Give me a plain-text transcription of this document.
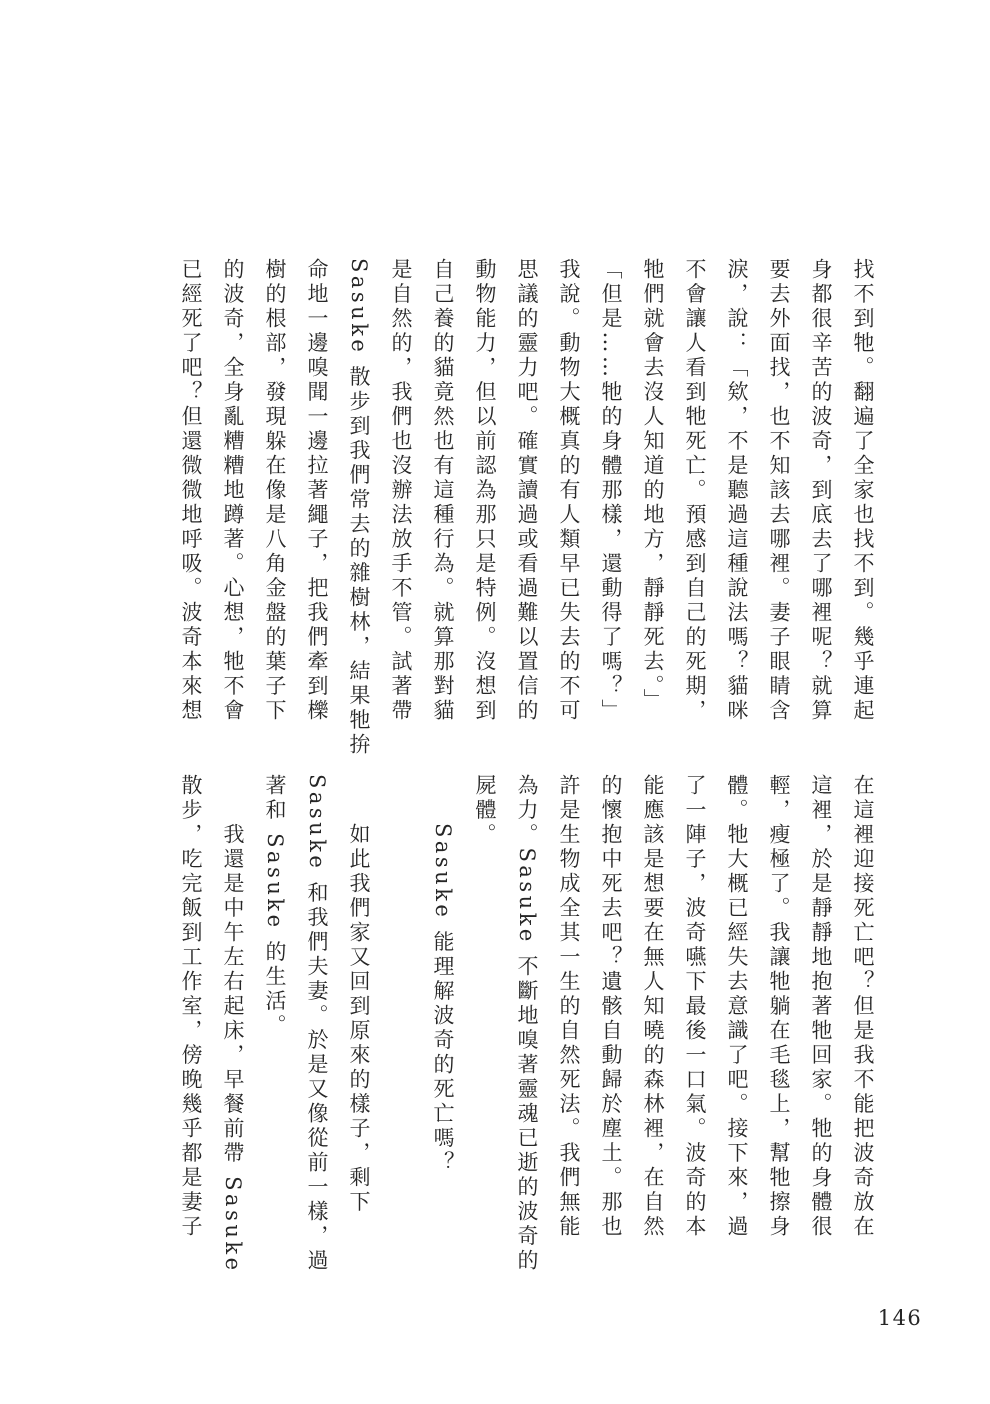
找不到牠。翻遍了全家也找不到。幾乎連起
身都很辛苦的波奇，到底去了哪裡呢？就算
要去外面找，也不知該去哪裡。妻子眼睛含
淚，說：「欸，不是聽過這種說法嗎？貓咪
不會讓人看到牠死亡。預感到自己的死期，
牠們就會去沒人知道的地方，靜靜死去。」
「但是……牠的身體那樣，還動得了嗎？」
我說。動物大概真的有人類早已失去的不可
思議的靈力吧。確實讀過或看過難以置信的
動物能力，但以前認為那只是特例。沒想到
自己養的貓竟然也有這種行為。就算那對貓
是自然的，我們也沒辦法放手不管。試著帶
Sasuke 散步到我們常去的雜樹林，結果牠拚
命地一邊嗅聞一邊拉著繩子，把我們牽到櫟
樹的根部，發現躲在像是八角金盤的葉子下
的波奇，全身亂糟糟地蹲著。心想，牠不會
已經死了吧？但還微微地呼吸。波奇本來想
在這裡迎接死亡吧？但是我不能把波奇放在
這裡，於是靜靜地抱著牠回家。牠的身體很
輕，瘦極了。我讓牠躺在毛毯上，幫牠擦身
體。牠大概已經失去意識了吧。接下來，過
了一陣子，波奇嚥下最後一口氣。波奇的本
能應該是想要在無人知曉的森林裡，在自然
的懷抱中死去吧？遺骸自動歸於塵土。那也
許是生物成全其一生的自然死法。我們無能
為力。Sasuke 不斷地嗅著靈魂已逝的波奇的
屍體。
　　Sasuke 能理解波奇的死亡嗎？

　　如此我們家又回到原來的樣子，剩下
Sasuke 和我們夫妻。於是又像從前一樣，過
著和 Sasuke 的生活。
　　我還是中午左右起床，早餐前帶 Sasuke
散步，吃完飯到工作室，傍晚幾乎都是妻子
146
